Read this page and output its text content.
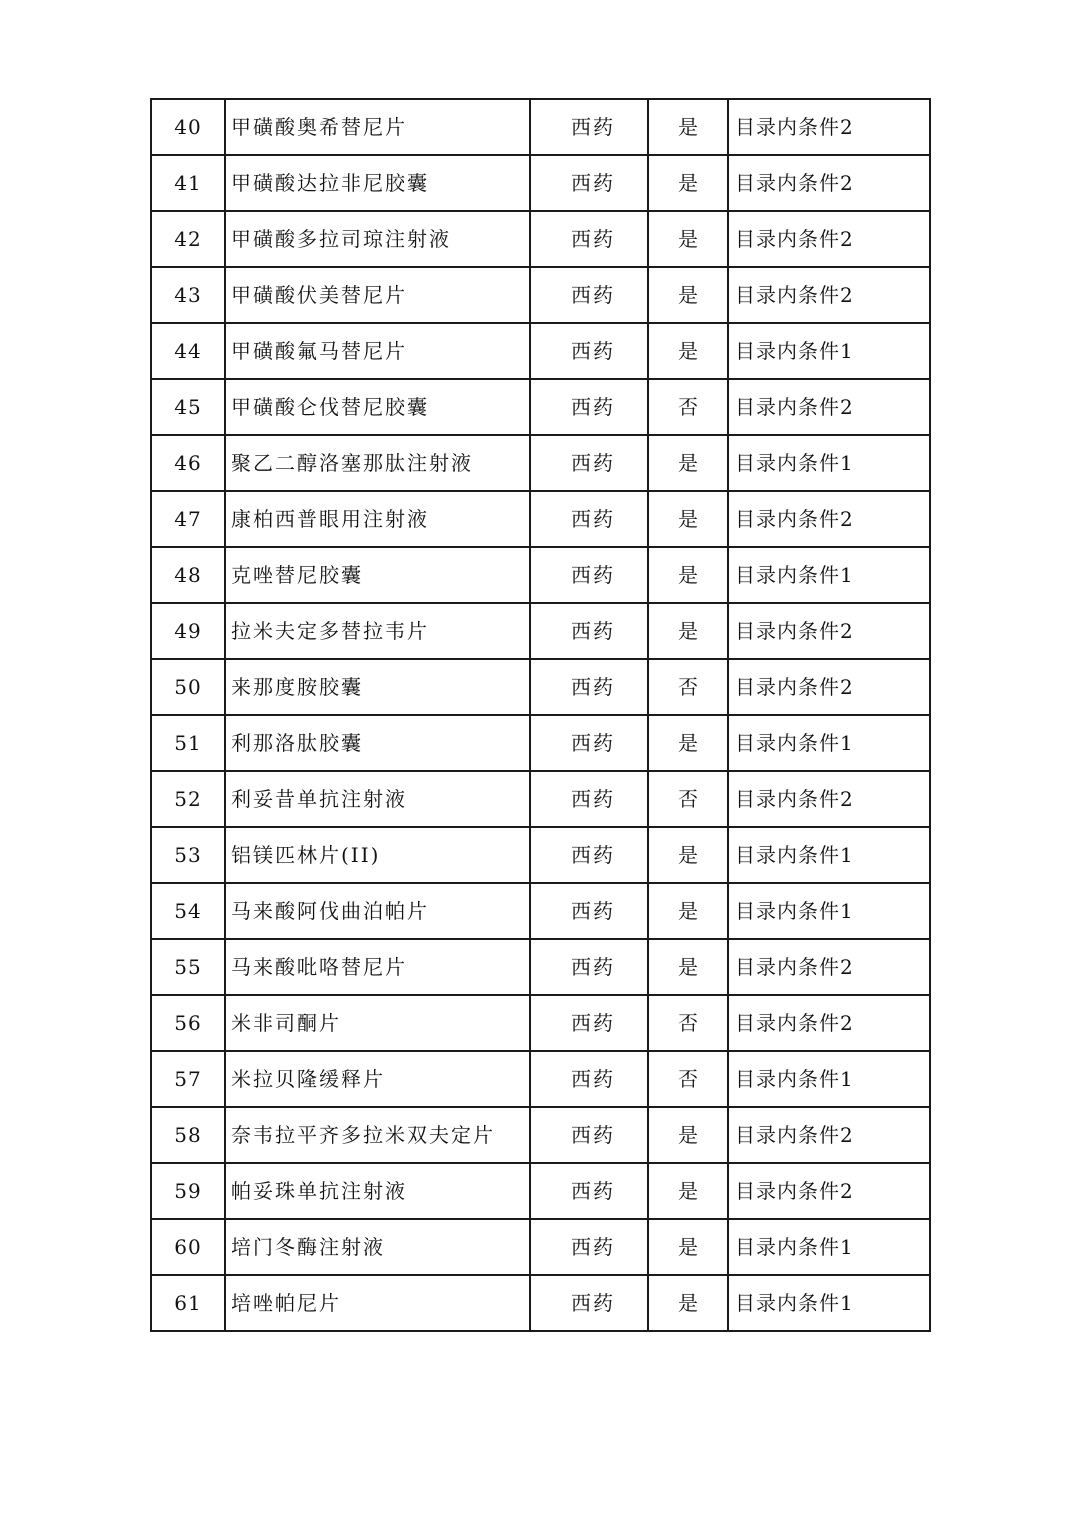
40	甲磺酸奥希替尼片	西药	是	目录内条件2
41	甲磺酸达拉非尼胶囊	西药	是	目录内条件2
42	甲磺酸多拉司琼注射液	西药	是	目录内条件2
43	甲磺酸伏美替尼片	西药	是	目录内条件2
44	甲磺酸氟马替尼片	西药	是	目录内条件1
45	甲磺酸仑伐替尼胶囊	西药	否	目录内条件2
46	聚乙二醇洛塞那肽注射液	西药	是	目录内条件1
47	康柏西普眼用注射液	西药	是	目录内条件2
48	克唑替尼胶囊	西药	是	目录内条件1
49	拉米夫定多替拉韦片	西药	是	目录内条件2
50	来那度胺胶囊	西药	否	目录内条件2
51	利那洛肽胶囊	西药	是	目录内条件1
52	利妥昔单抗注射液	西药	否	目录内条件2
53	铝镁匹林片(II)	西药	是	目录内条件1
54	马来酸阿伐曲泊帕片	西药	是	目录内条件1
55	马来酸吡咯替尼片	西药	是	目录内条件2
56	米非司酮片	西药	否	目录内条件2
57	米拉贝隆缓释片	西药	否	目录内条件1
58	奈韦拉平齐多拉米双夫定片	西药	是	目录内条件2
59	帕妥珠单抗注射液	西药	是	目录内条件2
60	培门冬酶注射液	西药	是	目录内条件1
61	培唑帕尼片	西药	是	目录内条件1
